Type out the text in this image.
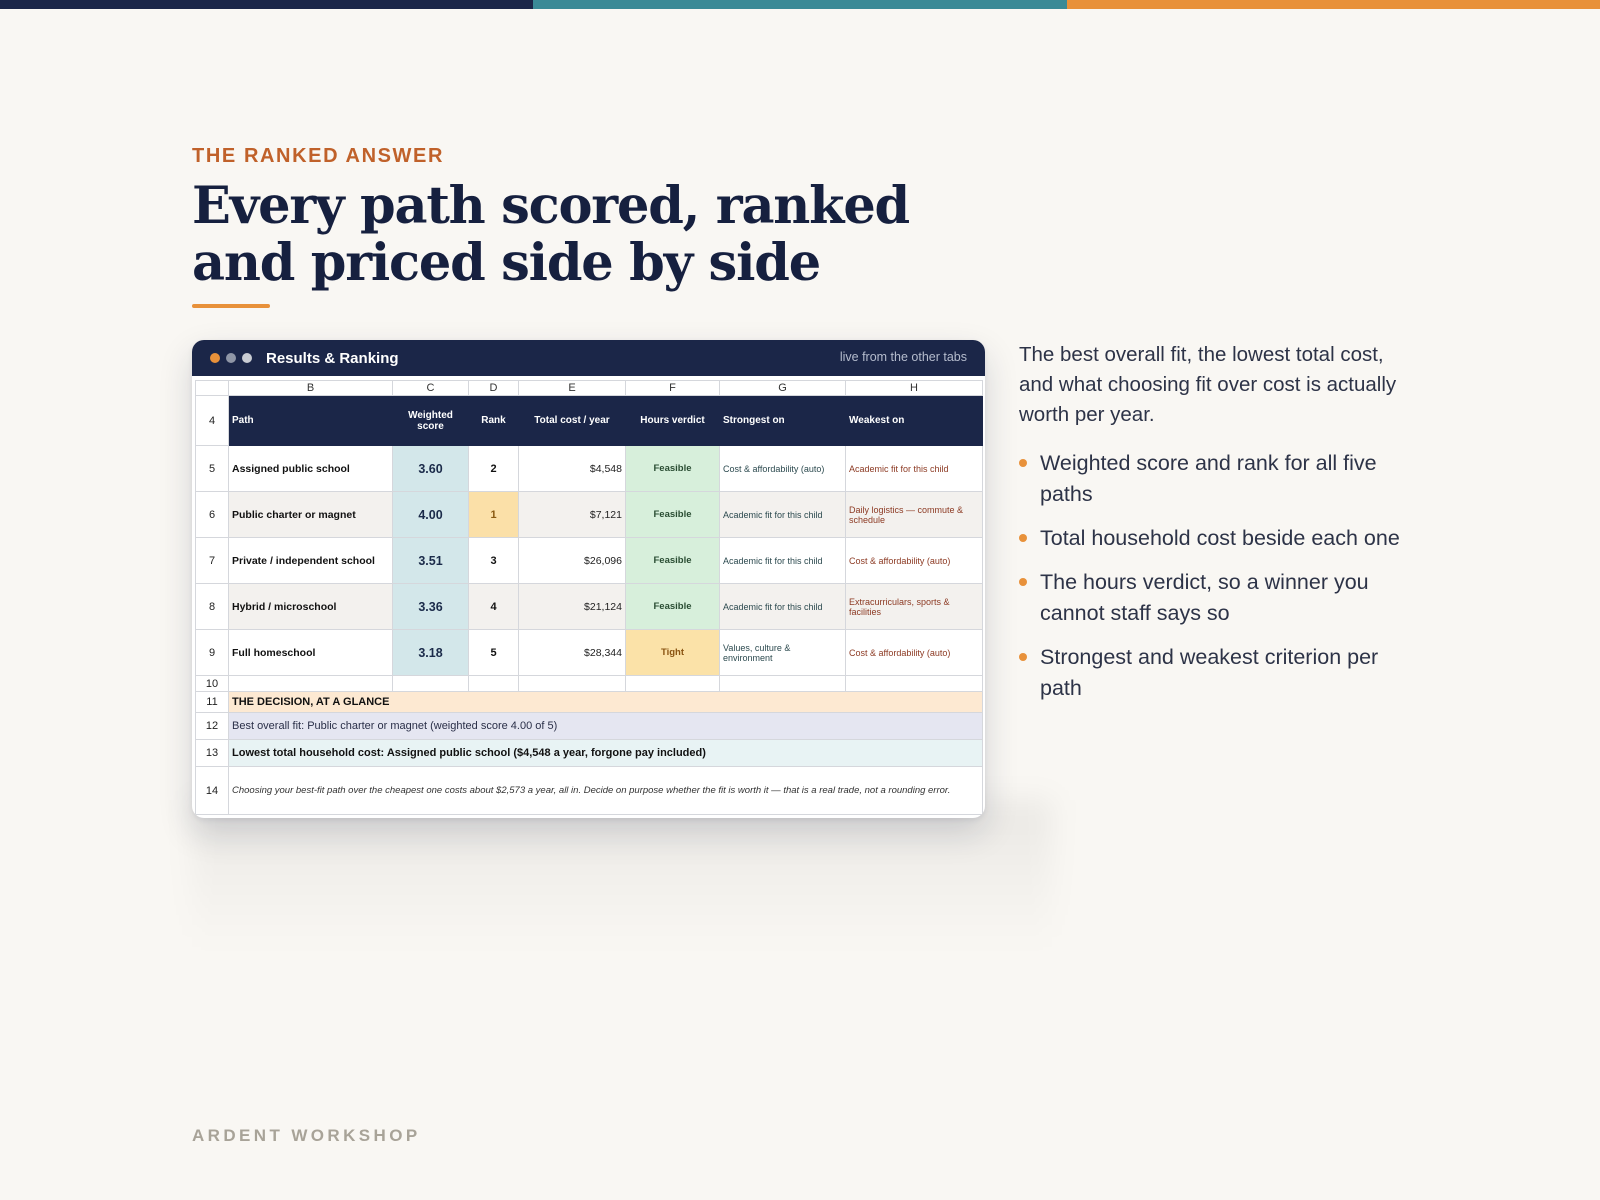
THE RANKED ANSWER
Every path scored, ranked
and priced side by side
Results & Ranking	live from the other tabs
	B	C	D	E	F	G	H
4	Path	Weighted score	Rank	Total cost / year	Hours verdict	Strongest on	Weakest on
5	Assigned public school	3.60	2	$4,548	Feasible	Cost & affordability (auto)	Academic fit for this child
6	Public charter or magnet	4.00	1	$7,121	Feasible	Academic fit for this child	Daily logistics — commute & schedule
7	Private / independent school	3.51	3	$26,096	Feasible	Academic fit for this child	Cost & affordability (auto)
8	Hybrid / microschool	3.36	4	$21,124	Feasible	Academic fit for this child	Extracurriculars, sports & facilities
9	Full homeschool	3.18	5	$28,344	Tight	Values, culture & environment	Cost & affordability (auto)
10							
11	THE DECISION, AT A GLANCE						
12	Best overall fit: Public charter or magnet (weighted score 4.00 of 5)						
13	Lowest total household cost: Assigned public school ($4,548 a year, forgone pay included)						
14	Choosing your best-fit path over the cheapest one costs about $2,573 a year, all in. Decide on purpose whether the fit is worth it — that is a real trade, not a rounding error.						
The best overall fit, the lowest total cost, and what choosing fit over cost is actually worth per year.
Weighted score and rank for all five paths
Total household cost beside each one
The hours verdict, so a winner you cannot staff says so
Strongest and weakest criterion per path
ARDENT WORKSHOP
